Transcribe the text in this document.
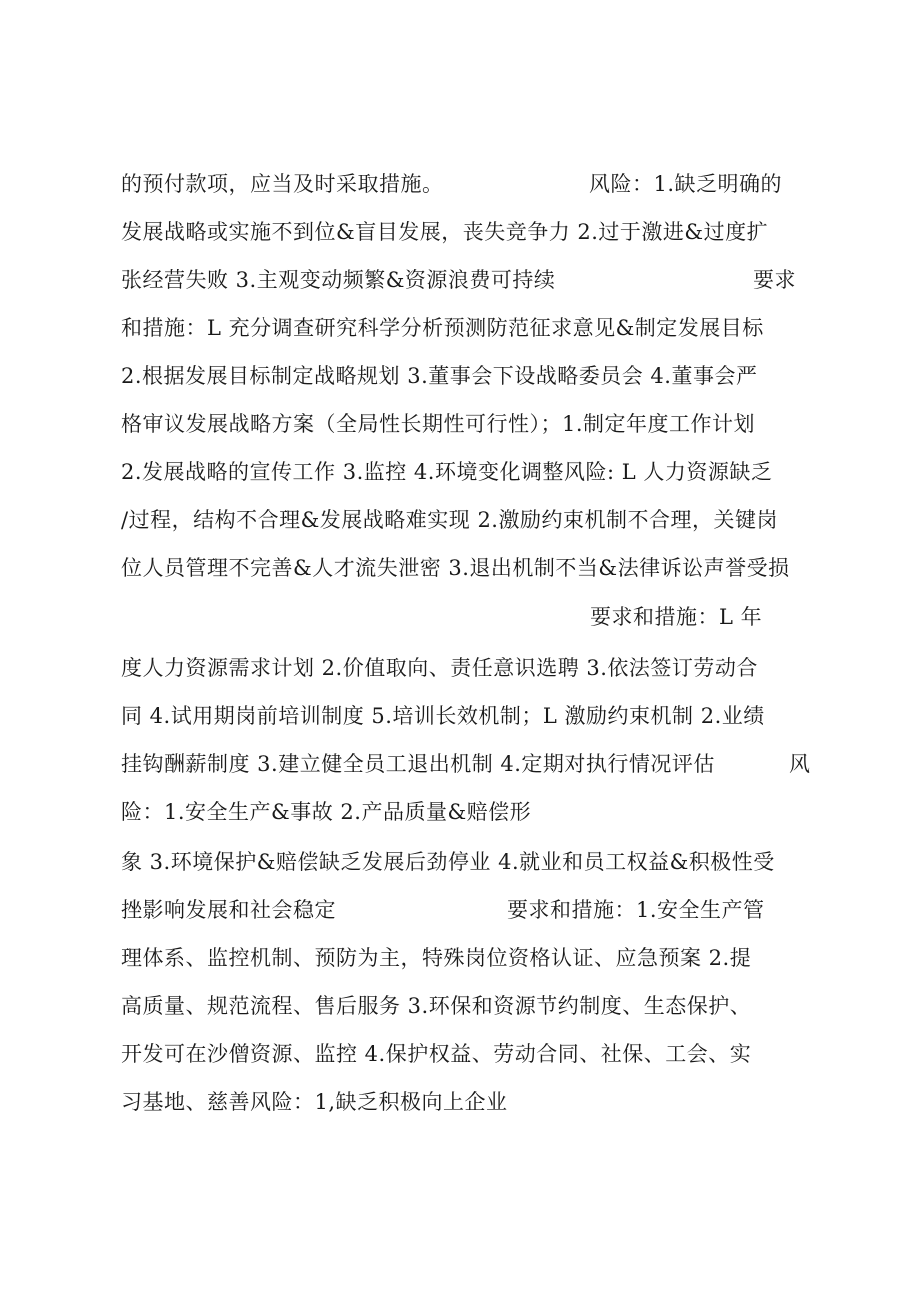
的预付款项，应当及时采取措施。	风险：1.缺乏明确的
发展战略或实施不到位&盲目发展，丧失竞争力 2.过于激进&过度扩
张经营失败 3.主观变动频繁&资源浪费可持续	要求
和措施：L 充分调查研究科学分析预测防范征求意见&制定发展目标
2.根据发展目标制定战略规划 3.董事会下设战略委员会 4.董事会严
格审议发展战略方案（全局性长期性可行性）；1.制定年度工作计划
2.发展战略的宣传工作 3.监控 4.环境变化调整风险: L 人力资源缺乏
/过程，结构不合理&发展战略难实现 2.激励约束机制不合理，关键岗
位人员管理不完善&人才流失泄密 3.退出机制不当&法律诉讼声誉受损
要求和措施：L 年
度人力资源需求计划 2.价值取向、责任意识选聘 3.依法签订劳动合
同 4.试用期岗前培训制度 5.培训长效机制；L 激励约束机制 2.业绩
挂钩酬薪制度 3.建立健全员工退出机制 4.定期对执行情况评估	风
险：1.安全生产&事故 2.产品质量&赔偿形
象 3.环境保护&赔偿缺乏发展后劲停业 4.就业和员工权益&积极性受
挫影响发展和社会稳定	要求和措施：1.安全生产管
理体系、监控机制、预防为主，特殊岗位资格认证、应急预案 2.提
高质量、规范流程、售后服务 3.环保和资源节约制度、生态保护、
开发可在沙僧资源、监控 4.保护权益、劳动合同、社保、工会、实
习基地、慈善风险：1,缺乏积极向上企业
